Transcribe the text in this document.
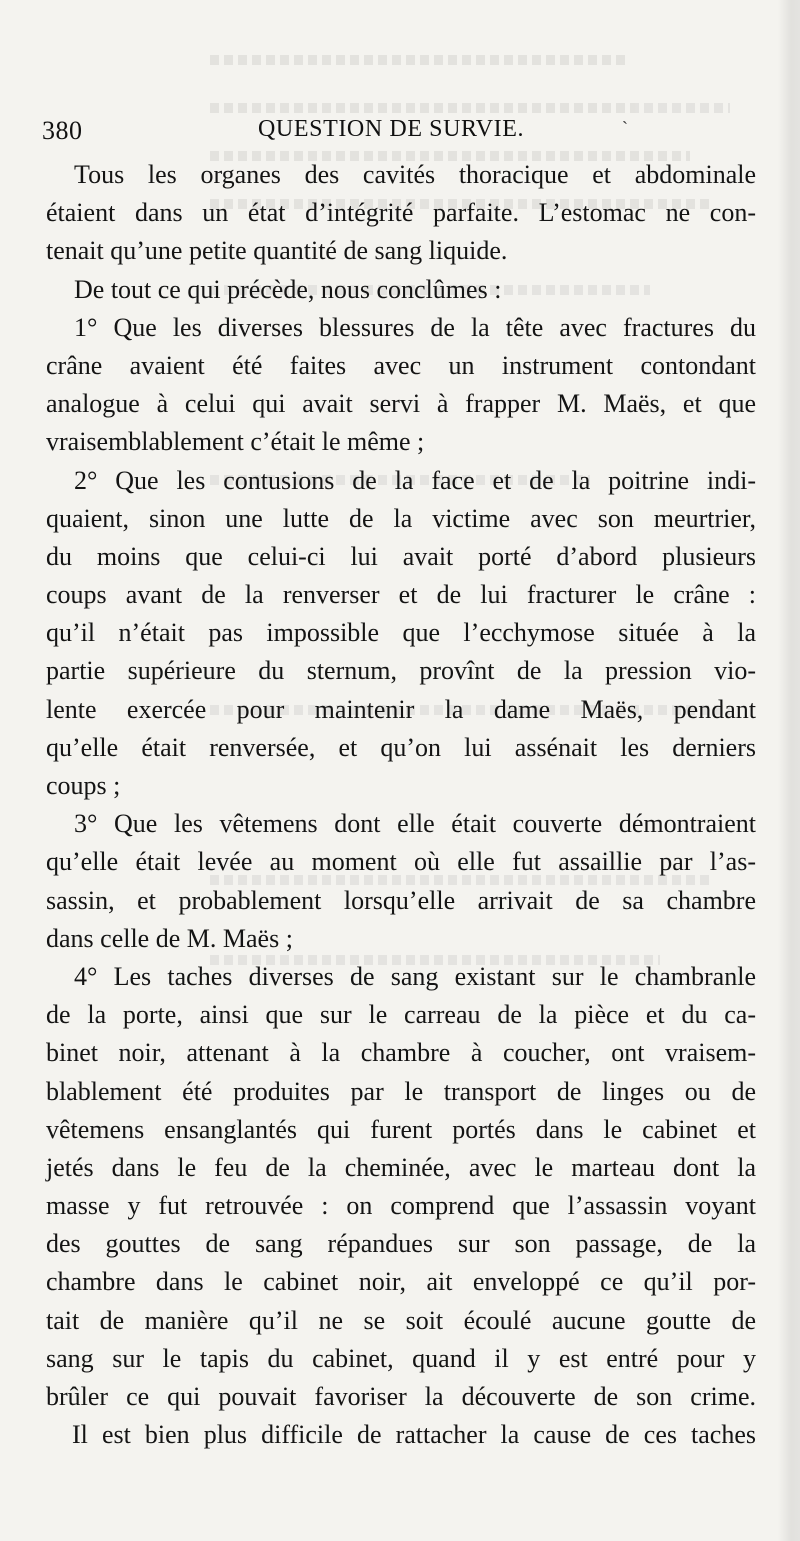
380	QUESTION DE SURVIE.	`
Tous les organes des cavités thoracique et abdominale
étaient dans un état d’intégrité parfaite. L’estomac ne con-
tenait qu’une petite quantité de sang liquide.
De tout ce qui précède, nous conclûmes :
1° Que les diverses blessures de la tête avec fractures du
crâne avaient été faites avec un instrument contondant
analogue à celui qui avait servi à frapper M. Maës, et que
vraisemblablement c’était le même ;
2° Que les contusions de la face et de la poitrine indi-
quaient, sinon une lutte de la victime avec son meurtrier,
du moins que celui-ci lui avait porté d’abord plusieurs
coups avant de la renverser et de lui fracturer le crâne :
qu’il n’était pas impossible que l’ecchymose située à la
partie supérieure du sternum, provînt de la pression vio-
lente exercée pour maintenir la dame Maës, pendant
qu’elle était renversée, et qu’on lui assénait les derniers
coups ;
3° Que les vêtemens dont elle était couverte démontraient
qu’elle était levée au moment où elle fut assaillie par l’as-
sassin, et probablement lorsqu’elle arrivait de sa chambre
dans celle de M. Maës ;
4° Les taches diverses de sang existant sur le chambranle
de la porte, ainsi que sur le carreau de la pièce et du ca-
binet noir, attenant à la chambre à coucher, ont vraisem-
blablement été produites par le transport de linges ou de
vêtemens ensanglantés qui furent portés dans le cabinet et
jetés dans le feu de la cheminée, avec le marteau dont la
masse y fut retrouvée : on comprend que l’assassin voyant
des gouttes de sang répandues sur son passage, de la
chambre dans le cabinet noir, ait enveloppé ce qu’il por-
tait de manière qu’il ne se soit écoulé aucune goutte de
sang sur le tapis du cabinet, quand il y est entré pour y
brûler ce qui pouvait favoriser la découverte de son crime.
Il est bien plus difficile de rattacher la cause de ces taches
